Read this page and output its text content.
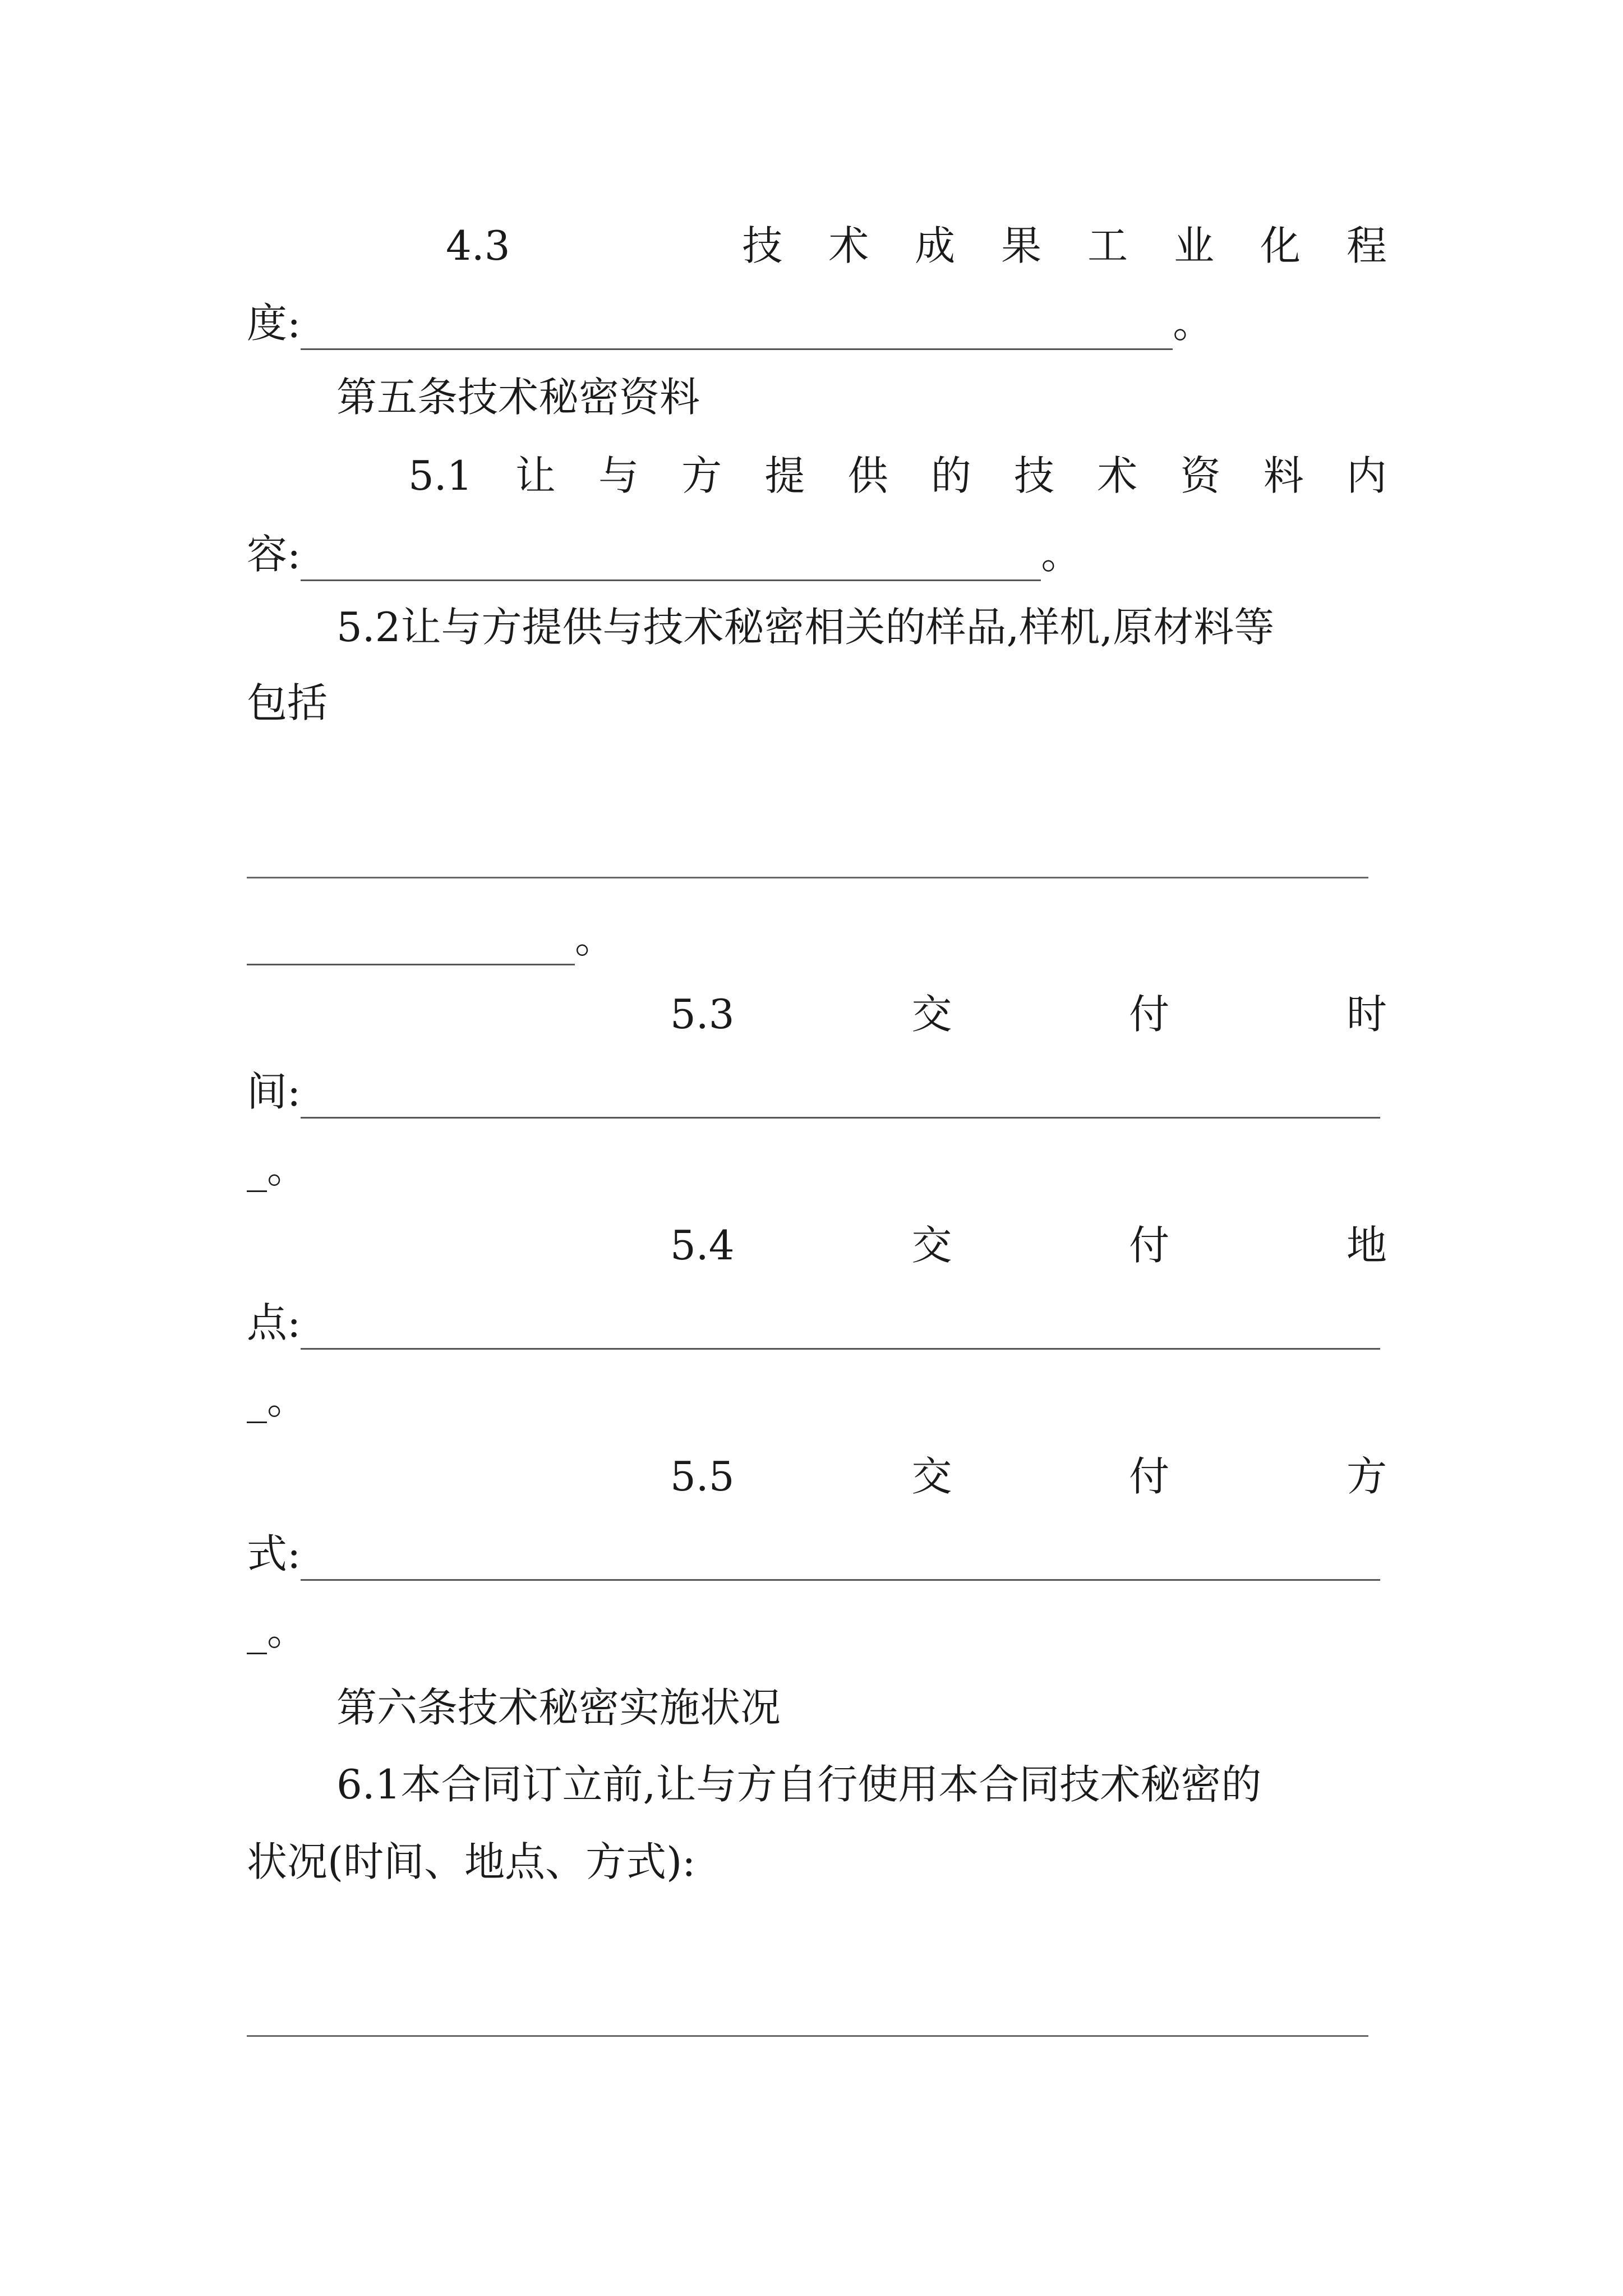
4.3	技 术 成 果 工 业 化 程
度:	。
第五条技术秘密资料
5.1 让 与 方 提 供 的 技 术 资 料 内
容:	。
5.2让与方提供与技术秘密相关的样品,样机,原材料等
包括
。
5.3	交	付	时
间:
_。
5.4	交	付	地
点:
_。
5.5	交	付	方
式:
_。
第六条技术秘密实施状况
6.1本合同订立前,让与方自行使用本合同技术秘密的
状况(时间、地点、方式):
